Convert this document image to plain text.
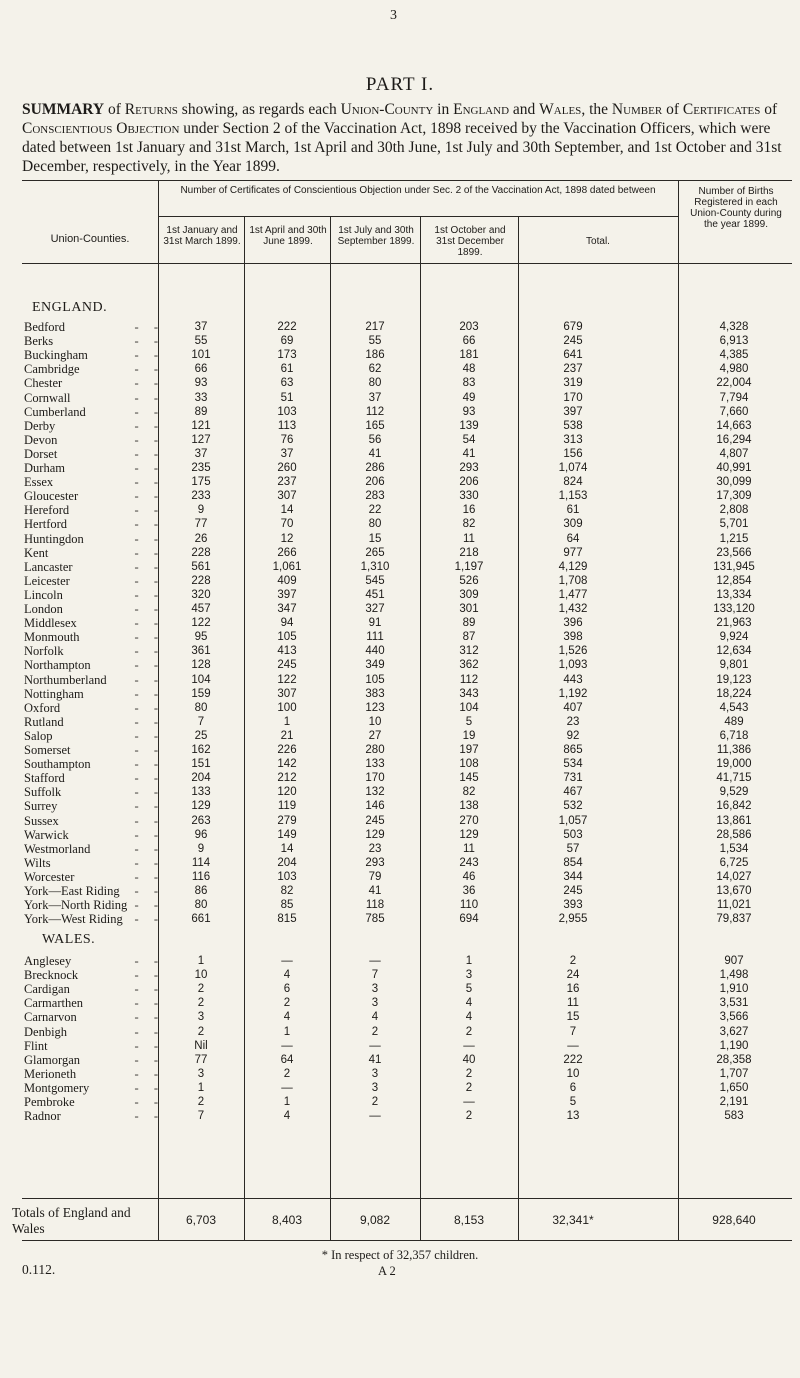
3
PART I.
SUMMARY of Returns showing, as regards each Union-County in England and Wales, the Number of Certificates of Conscientious Objection under Section 2 of the Vaccination Act, 1898 received by the Vaccination Officers, which were dated between 1st January and 31st March, 1st April and 30th June, 1st July and 30th September, and 1st October and 31st December, respectively, in the Year 1899.
Union-Counties.
Number of Certificates of Conscientious Objection under Sec. 2 of the Vaccination Act, 1898 dated between
1st January and 31st March 1899.
1st April and 30th June 1899.
1st July and 30th September 1899.
1st October and 31st December 1899.
Total.
Number of Births Registered in each Union-County during the year 1899.
ENGLAND.
Bedford	- -	37	222	217	203	679	4,328
Berks	- -	55	69	55	66	245	6,913
Buckingham	- -	101	173	186	181	641	4,385
Cambridge	- -	66	61	62	48	237	4,980
Chester	- -	93	63	80	83	319	22,004
Cornwall	- -	33	51	37	49	170	7,794
Cumberland	- -	89	103	112	93	397	7,660
Derby	- -	121	113	165	139	538	14,663
Devon	- -	127	76	56	54	313	16,294
Dorset	- -	37	37	41	41	156	4,807
Durham	- -	235	260	286	293	1,074	40,991
Essex	- -	175	237	206	206	824	30,099
Gloucester	- -	233	307	283	330	1,153	17,309
Hereford	- -	9	14	22	16	61	2,808
Hertford	- -	77	70	80	82	309	5,701
Huntingdon	- -	26	12	15	11	64	1,215
Kent	- -	228	266	265	218	977	23,566
Lancaster	- -	561	1,061	1,310	1,197	4,129	131,945
Leicester	- -	228	409	545	526	1,708	12,854
Lincoln	- -	320	397	451	309	1,477	13,334
London	- -	457	347	327	301	1,432	133,120
Middlesex	- -	122	94	91	89	396	21,963
Monmouth	- -	95	105	111	87	398	9,924
Norfolk	- -	361	413	440	312	1,526	12,634
Northampton	- -	128	245	349	362	1,093	9,801
Northumberland	- -	104	122	105	112	443	19,123
Nottingham	- -	159	307	383	343	1,192	18,224
Oxford	- -	80	100	123	104	407	4,543
Rutland	- -	7	1	10	5	23	489
Salop	- -	25	21	27	19	92	6,718
Somerset	- -	162	226	280	197	865	11,386
Southampton	- -	151	142	133	108	534	19,000
Stafford	- -	204	212	170	145	731	41,715
Suffolk	- -	133	120	132	82	467	9,529
Surrey	- -	129	119	146	138	532	16,842
Sussex	- -	263	279	245	270	1,057	13,861
Warwick	- -	96	149	129	129	503	28,586
Westmorland	- -	9	14	23	11	57	1,534
Wilts	- -	114	204	293	243	854	6,725
Worcester	- -	116	103	79	46	344	14,027
York—East Riding	- -	86	82	41	36	245	13,670
York—North Riding - -	80	85	118	110	393	11,021
York—West Riding - -	661	815	785	694	2,955	79,837
WALES.
Anglesey	- -	1	—	—	1	2	907
Brecknock	- -	10	4	7	3	24	1,498
Cardigan	- -	2	6	3	5	16	1,910
Carmarthen	- -	2	2	3	4	11	3,531
Carnarvon	- -	3	4	4	4	15	3,566
Denbigh	- -	2	1	2	2	7	3,627
Flint	- -	Nil	—	—	—	—	1,190
Glamorgan	- -	77	64	41	40	222	28,358
Merioneth	- -	3	2	3	2	10	1,707
Montgomery	- -	1	—	3	2	6	1,650
Pembroke	- -	2	1	2	—	5	2,191
Radnor	- -	7	4	—	2	13	583
Totals of England and Wales
6,703	8,403	9,082	8,153	32,341*	928,640
* In respect of 32,357 children.
0.112.	A 2
